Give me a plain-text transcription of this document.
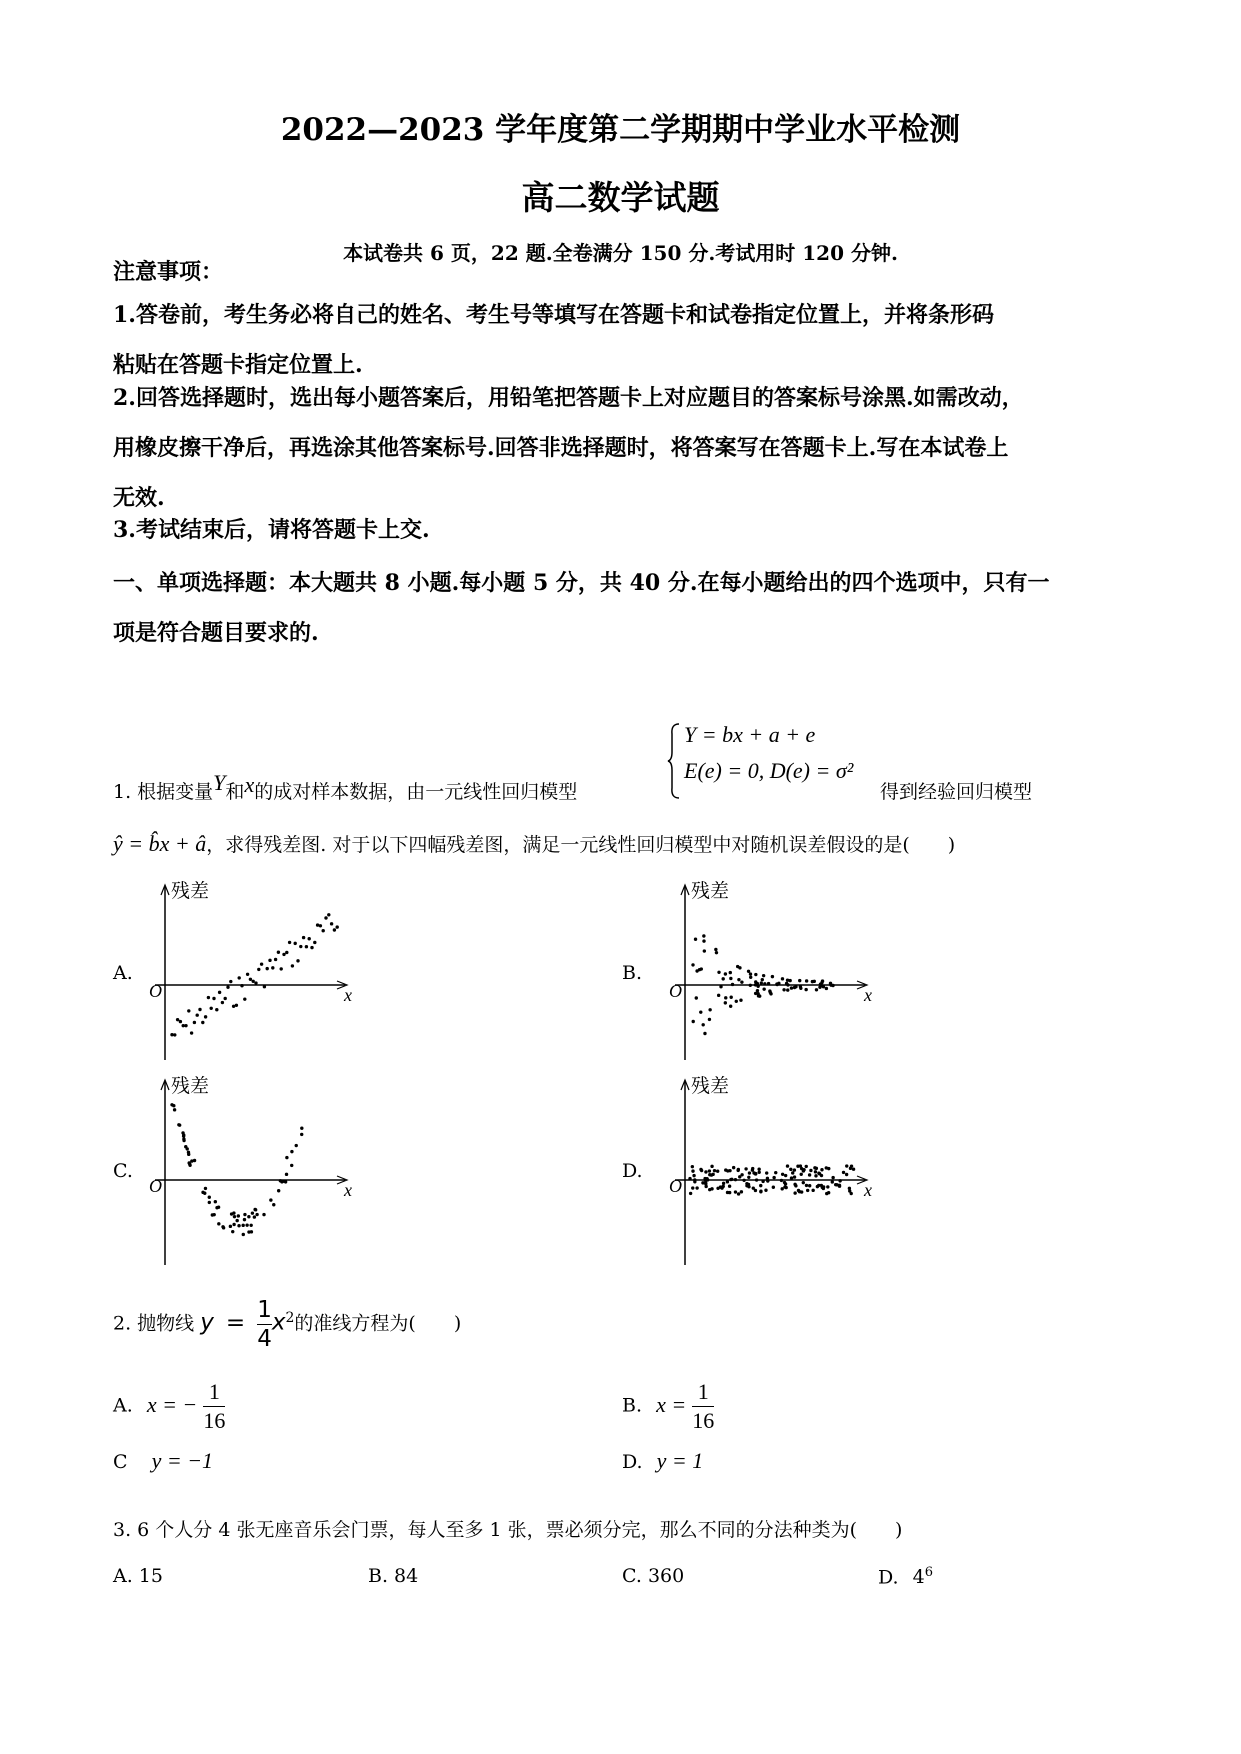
2022—2023 学年度第二学期期中学业水平检测
高二数学试题
本试卷共 6 页，22 题.全卷满分 150 分.考试用时 120 分钟.
注意事项：
1.答卷前，考生务必将自己的姓名、考生号等填写在答题卡和试卷指定位置上，并将条形码
粘贴在答题卡指定位置上.
2.回答选择题时，选出每小题答案后，用铅笔把答题卡上对应题目的答案标号涂黑.如需改动，
用橡皮擦干净后，再选涂其他答案标号.回答非选择题时，将答案写在答题卡上.写在本试卷上
无效.
3.考试结束后，请将答题卡上交.
一、单项选择题：本大题共 8 小题.每小题 5 分，共 40 分.在每小题给出的四个选项中，只有一
项是符合题目要求的.
1. 根据变量Y和x的成对样本数据，由一元线性回归模型
Y = bx + a + e
E(e) = 0, D(e) = σ²
得到经验回归模型
ŷ = b̂x + â，求得残差图. 对于以下四幅残差图，满足一元线性回归模型中对随机误差假设的是(　　)
A.	B.
C.	D.
残差
O	x
残差
O	x
残差
O	x
残差
O	x
2. 抛物线 $y = \frac{1}{4} x^2$的准线方程为(　　)
A. x = − $\frac{1}{16}$	B. $x = \frac{1}{16}$
C y = −1	D. y = 1
3. 6 个人分 4 张无座音乐会门票，每人至多 1 张，票必须分完，那么不同的分法种类为(　　)
A. 15	B. 84	C. 360	D. $4^6$
